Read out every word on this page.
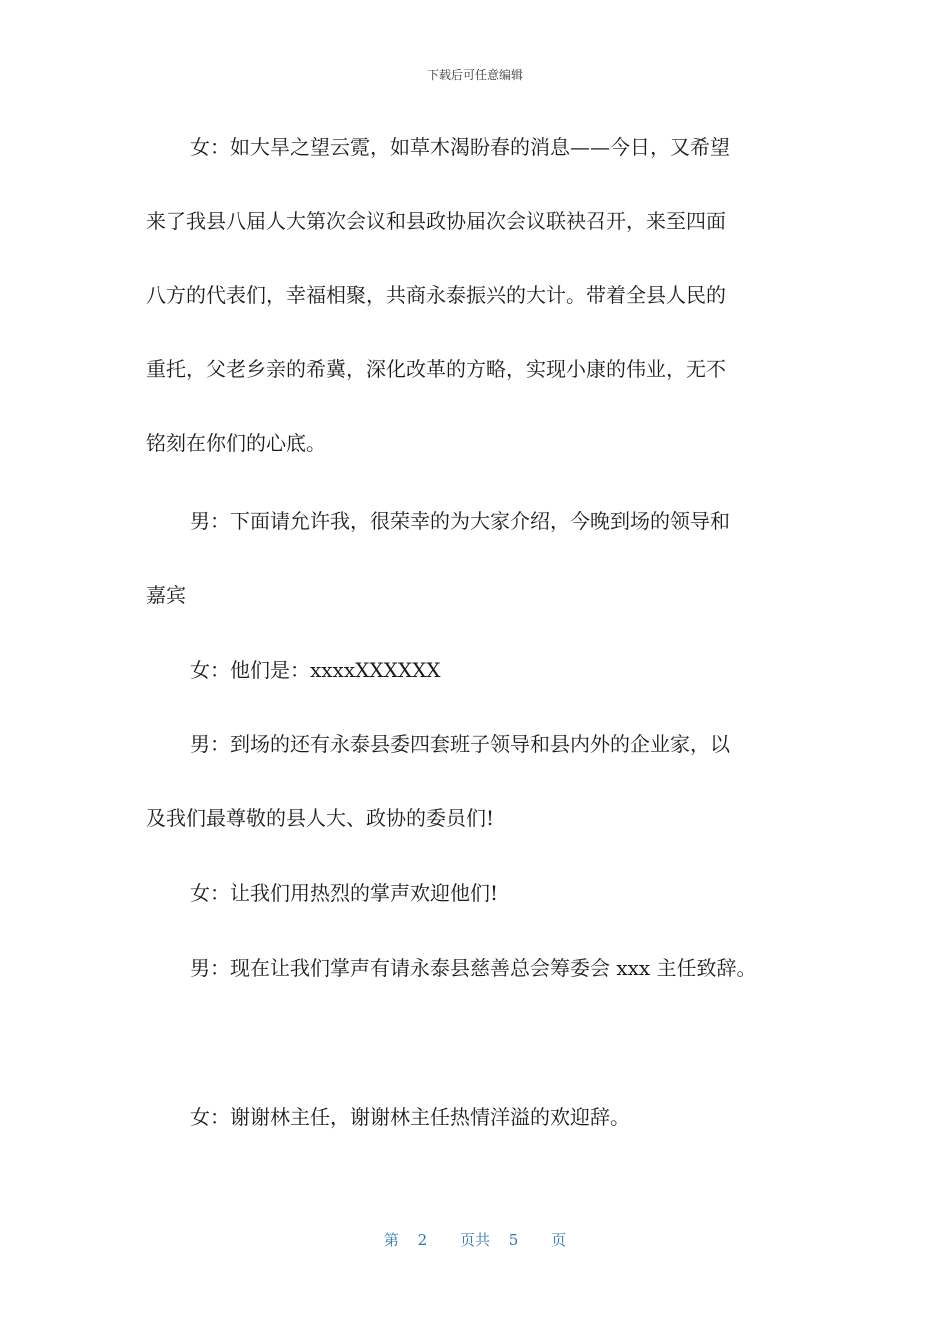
下载后可任意编辑
女：如大旱之望云霓，如草木渴盼春的消息——今日，又希望
来了我县八届人大第次会议和县政协届次会议联袂召开，来至四面
八方的代表们，幸福相聚，共商永泰振兴的大计。带着全县人民的
重托，父老乡亲的希冀，深化改革的方略，实现小康的伟业，无不
铭刻在你们的心底。
男：下面请允许我，很荣幸的为大家介绍，今晚到场的领导和
嘉宾
女：他们是：xxxxXXXXXX
男：到场的还有永泰县委四套班子领导和县内外的企业家，以
及我们最尊敬的县人大、政协的委员们!
女：让我们用热烈的掌声欢迎他们!
男：现在让我们掌声有请永泰县慈善总会筹委会 xxx 主任致辞。
女：谢谢林主任，谢谢林主任热情洋溢的欢迎辞。
第 2 页共 5 页
